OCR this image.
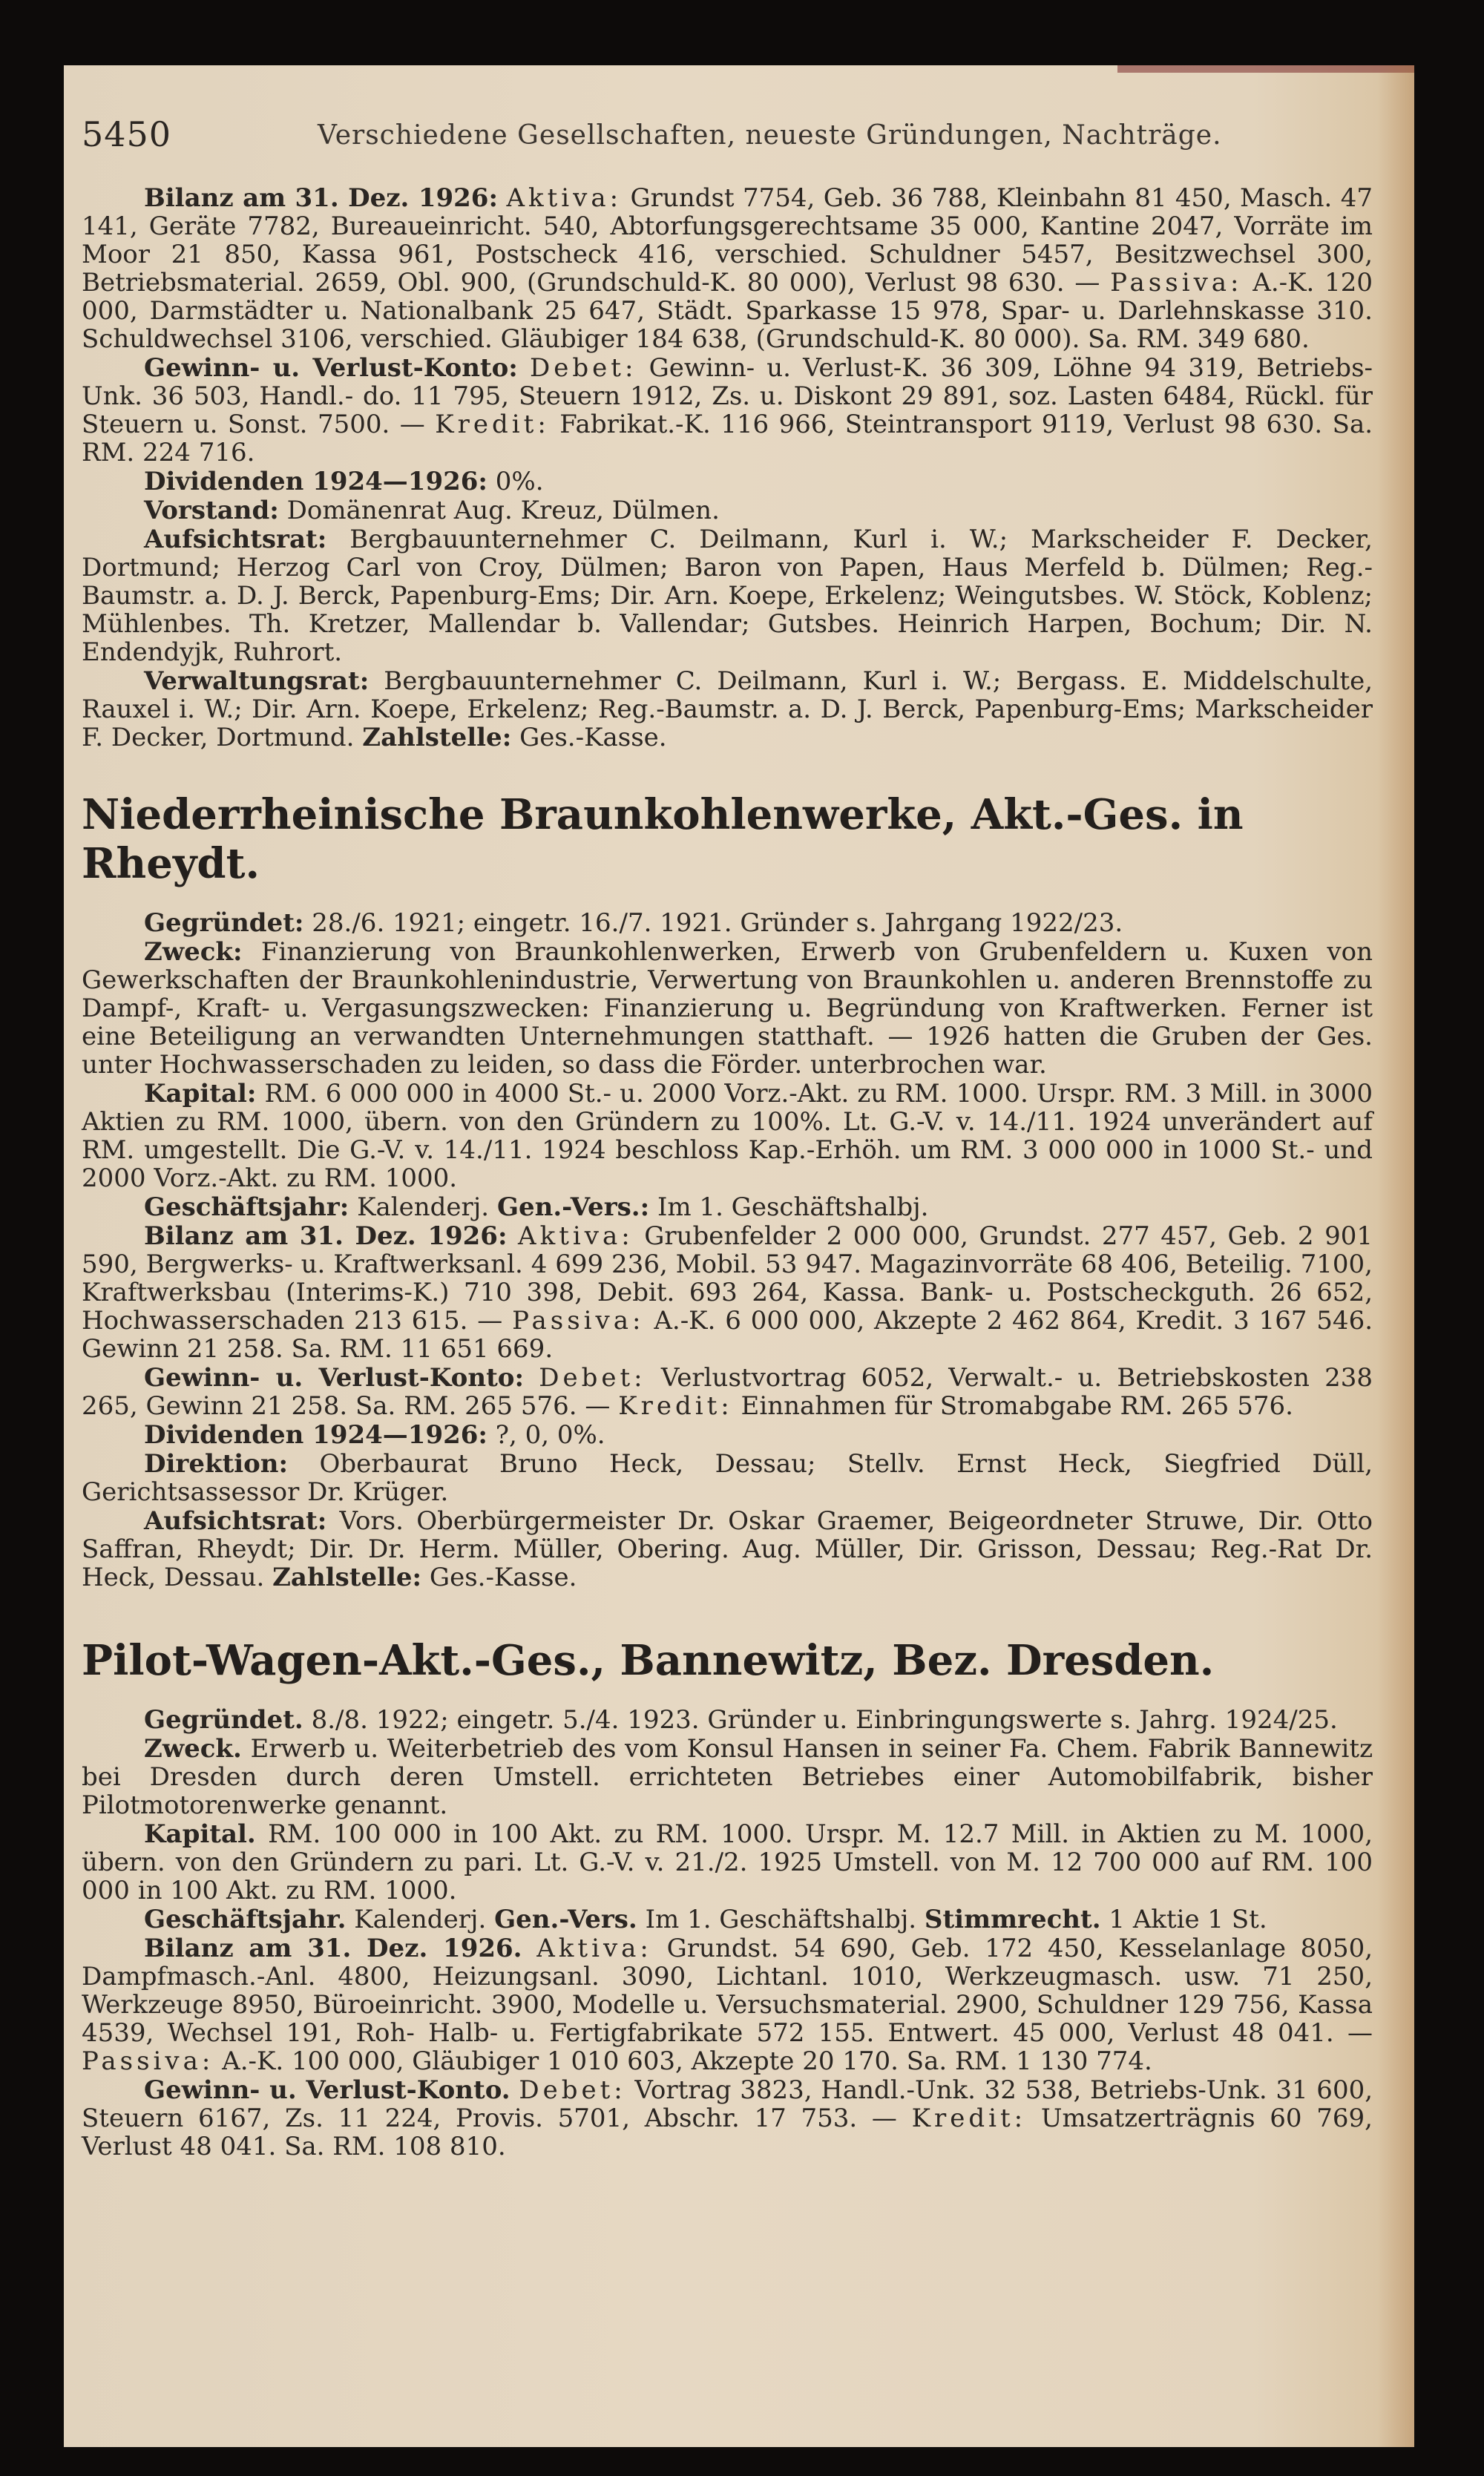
5450	Verschiedene Gesellschaften, neueste Gründungen, Nachträge.

Bilanz am 31. Dez. 1926: Aktiva: Grundst 7754, Geb. 36 788, Kleinbahn 81 450, Masch. 47 141, Geräte 7782, Bureaueinricht. 540, Abtorfungsgerechtsame 35 000, Kantine 2047, Vorräte im Moor 21 850, Kassa 961, Postscheck 416, verschied. Schuldner 5457, Besitzwechsel 300, Betriebsmaterial. 2659, Obl. 900, (Grundschuld-K. 80 000), Verlust 98 630. — Passiva: A.-K. 120 000, Darmstädter u. Nationalbank 25 647, Städt. Sparkasse 15 978, Spar- u. Darlehnskasse 310. Schuldwechsel 3106, verschied. Gläubiger 184 638, (Grundschuld-K. 80 000). Sa. RM. 349 680.

Gewinn- u. Verlust-Konto: Debet: Gewinn- u. Verlust-K. 36 309, Löhne 94 319, Betriebs-Unk. 36 503, Handl.- do. 11 795, Steuern 1912, Zs. u. Diskont 29 891, soz. Lasten 6484, Rückl. für Steuern u. Sonst. 7500. — Kredit: Fabrikat.-K. 116 966, Steintransport 9119, Verlust 98 630. Sa. RM. 224 716.

Dividenden 1924—1926: 0%.

Vorstand: Domänenrat Aug. Kreuz, Dülmen.

Aufsichtsrat: Bergbauunternehmer C. Deilmann, Kurl i. W.; Markscheider F. Decker, Dortmund; Herzog Carl von Croy, Dülmen; Baron von Papen, Haus Merfeld b. Dülmen; Reg.-Baumstr. a. D. J. Berck, Papenburg-Ems; Dir. Arn. Koepe, Erkelenz; Weingutsbes. W. Stöck, Koblenz; Mühlenbes. Th. Kretzer, Mallendar b. Vallendar; Gutsbes. Heinrich Harpen, Bochum; Dir. N. Endendyjk, Ruhrort.

Verwaltungsrat: Bergbauunternehmer C. Deilmann, Kurl i. W.; Bergass. E. Middelschulte, Rauxel i. W.; Dir. Arn. Koepe, Erkelenz; Reg.-Baumstr. a. D. J. Berck, Papenburg-Ems; Markscheider F. Decker, Dortmund. Zahlstelle: Ges.-Kasse.

Niederrheinische Braunkohlenwerke, Akt.-Ges. in Rheydt.

Gegründet: 28./6. 1921; eingetr. 16./7. 1921. Gründer s. Jahrgang 1922/23.

Zweck: Finanzierung von Braunkohlenwerken, Erwerb von Grubenfeldern u. Kuxen von Gewerkschaften der Braunkohlenindustrie, Verwertung von Braunkohlen u. anderen Brennstoffe zu Dampf-, Kraft- u. Vergasungszwecken: Finanzierung u. Begründung von Kraftwerken. Ferner ist eine Beteiligung an verwandten Unternehmungen statthaft. — 1926 hatten die Gruben der Ges. unter Hochwasserschaden zu leiden, so dass die Förder. unterbrochen war.

Kapital: RM. 6 000 000 in 4000 St.- u. 2000 Vorz.-Akt. zu RM. 1000. Urspr. RM. 3 Mill. in 3000 Aktien zu RM. 1000, übern. von den Gründern zu 100%. Lt. G.-V. v. 14./11. 1924 unverändert auf RM. umgestellt. Die G.-V. v. 14./11. 1924 beschloss Kap.-Erhöh. um RM. 3 000 000 in 1000 St.- und 2000 Vorz.-Akt. zu RM. 1000.

Geschäftsjahr: Kalenderj. Gen.-Vers.: Im 1. Geschäftshalbj.

Bilanz am 31. Dez. 1926: Aktiva: Grubenfelder 2 000 000, Grundst. 277 457, Geb. 2 901 590, Bergwerks- u. Kraftwerksanl. 4 699 236, Mobil. 53 947. Magazinvorräte 68 406, Beteilig. 7100, Kraftwerksbau (Interims-K.) 710 398, Debit. 693 264, Kassa. Bank- u. Postscheckguth. 26 652, Hochwasserschaden 213 615. — Passiva: A.-K. 6 000 000, Akzepte 2 462 864, Kredit. 3 167 546. Gewinn 21 258. Sa. RM. 11 651 669.

Gewinn- u. Verlust-Konto: Debet: Verlustvortrag 6052, Verwalt.- u. Betriebskosten 238 265, Gewinn 21 258. Sa. RM. 265 576. — Kredit: Einnahmen für Stromabgabe RM. 265 576.

Dividenden 1924—1926: ?, 0, 0%.

Direktion: Oberbaurat Bruno Heck, Dessau; Stellv. Ernst Heck, Siegfried Düll, Gerichtsassessor Dr. Krüger.

Aufsichtsrat: Vors. Oberbürgermeister Dr. Oskar Graemer, Beigeordneter Struwe, Dir. Otto Saffran, Rheydt; Dir. Dr. Herm. Müller, Obering. Aug. Müller, Dir. Grisson, Dessau; Reg.-Rat Dr. Heck, Dessau. Zahlstelle: Ges.-Kasse.

Pilot-Wagen-Akt.-Ges., Bannewitz, Bez. Dresden.

Gegründet. 8./8. 1922; eingetr. 5./4. 1923. Gründer u. Einbringungswerte s. Jahrg. 1924/25.

Zweck. Erwerb u. Weiterbetrieb des vom Konsul Hansen in seiner Fa. Chem. Fabrik Bannewitz bei Dresden durch deren Umstell. errichteten Betriebes einer Automobilfabrik, bisher Pilotmotorenwerke genannt.

Kapital. RM. 100 000 in 100 Akt. zu RM. 1000. Urspr. M. 12.7 Mill. in Aktien zu M. 1000, übern. von den Gründern zu pari. Lt. G.-V. v. 21./2. 1925 Umstell. von M. 12 700 000 auf RM. 100 000 in 100 Akt. zu RM. 1000.

Geschäftsjahr. Kalenderj. Gen.-Vers. Im 1. Geschäftshalbj. Stimmrecht. 1 Aktie 1 St.

Bilanz am 31. Dez. 1926. Aktiva: Grundst. 54 690, Geb. 172 450, Kesselanlage 8050, Dampfmasch.-Anl. 4800, Heizungsanl. 3090, Lichtanl. 1010, Werkzeugmasch. usw. 71 250, Werkzeuge 8950, Büroeinricht. 3900, Modelle u. Versuchsmaterial. 2900, Schuldner 129 756, Kassa 4539, Wechsel 191, Roh- Halb- u. Fertigfabrikate 572 155. Entwert. 45 000, Verlust 48 041. — Passiva: A.-K. 100 000, Gläubiger 1 010 603, Akzepte 20 170. Sa. RM. 1 130 774.

Gewinn- u. Verlust-Konto. Debet: Vortrag 3823, Handl.-Unk. 32 538, Betriebs-Unk. 31 600, Steuern 6167, Zs. 11 224, Provis. 5701, Abschr. 17 753. — Kredit: Umsatzerträgnis 60 769, Verlust 48 041. Sa. RM. 108 810.
